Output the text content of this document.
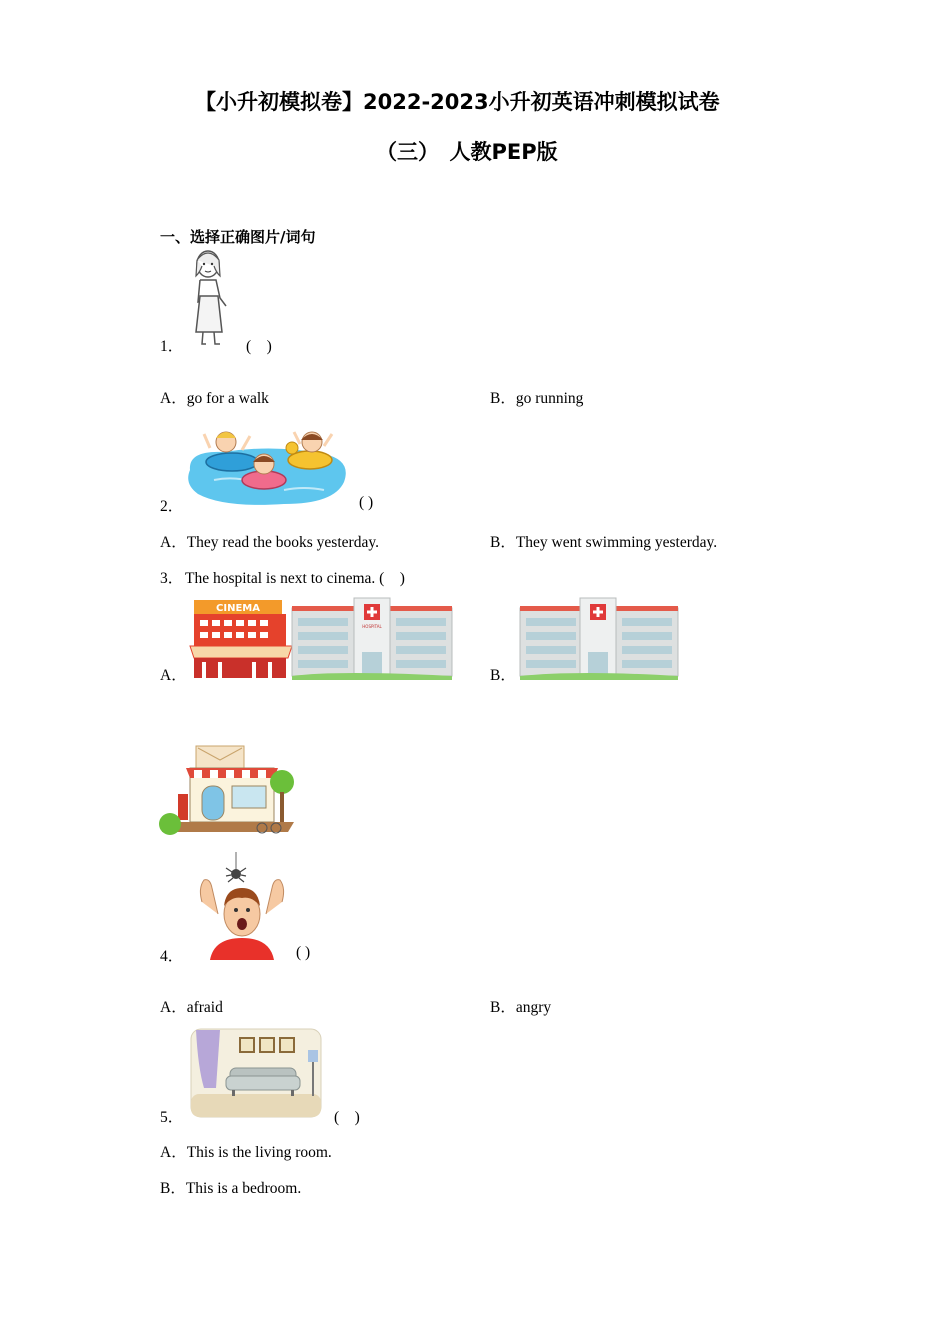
【小升初模拟卷】2022-2023小升初英语冲刺模拟试卷
（三）　人教PEP版
一、选择正确图片/词句
1．	(　)
A．go for a walk	B．go running
2．	( )
A．They read the books yesterday.	B．They went swimming yesterday.
3． The hospital is next to cinema. (　)
A．
CINEMA
HOSPITAL
B．
4．	( )
A．afraid	B．angry
5．	(　)
A．This is the living room.
B．This is a bedroom.
